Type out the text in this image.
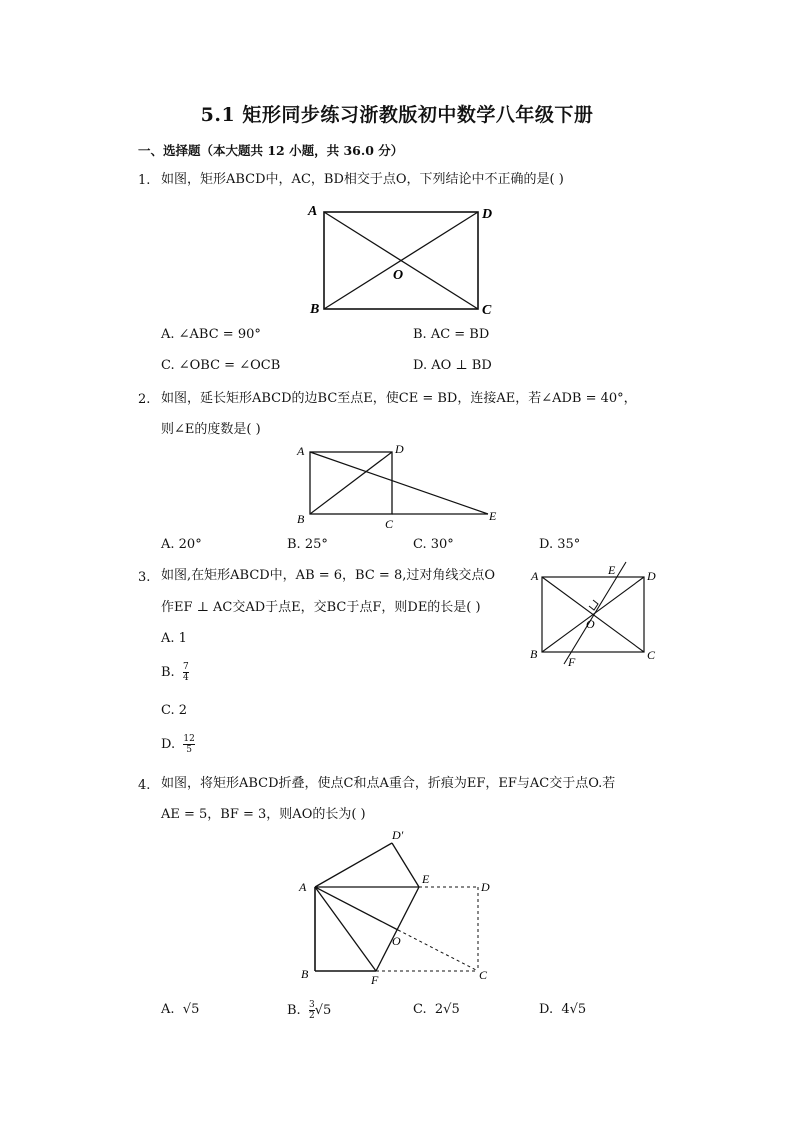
5.1 矩形同步练习浙教版初中数学八年级下册
一、选择题（本大题共 12 小题，共 36.0 分）
1. 如图，矩形ABCD中，AC，BD相交于点O，下列结论中不正确的是( )
A	D
B	C
O
A. ∠ABC = 90°	B. AC = BD
C. ∠OBC = ∠OCB	D. AO ⊥ BD
2. 如图，延长矩形ABCD的边BC至点E，使CE = BD，连接AE，若∠ADB = 40°，
则∠E的度数是( )
A	D
B	C
E
A. 20°	B. 25°	C. 30°	D. 35°
3. 如图,在矩形ABCD中，AB = 6，BC = 8,过对角线交点O
作EF ⊥ AC交AD于点E，交BC于点F，则DE的长是( )
A	D
B	C
E
F
O
A. 1
B. $\frac{7}{4}$
C. 2
D. $\frac{12}{5}$
4. 如图，将矩形ABCD折叠，使点C和点A重合，折痕为EF，EF与AC交于点O.若
AE = 5，BF = 3，则AO的长为( )
A
D′
E
D
B	F	C
O
A. √5	B. $\frac{3}{2} √5$	C. 2√5	D. 4√5
